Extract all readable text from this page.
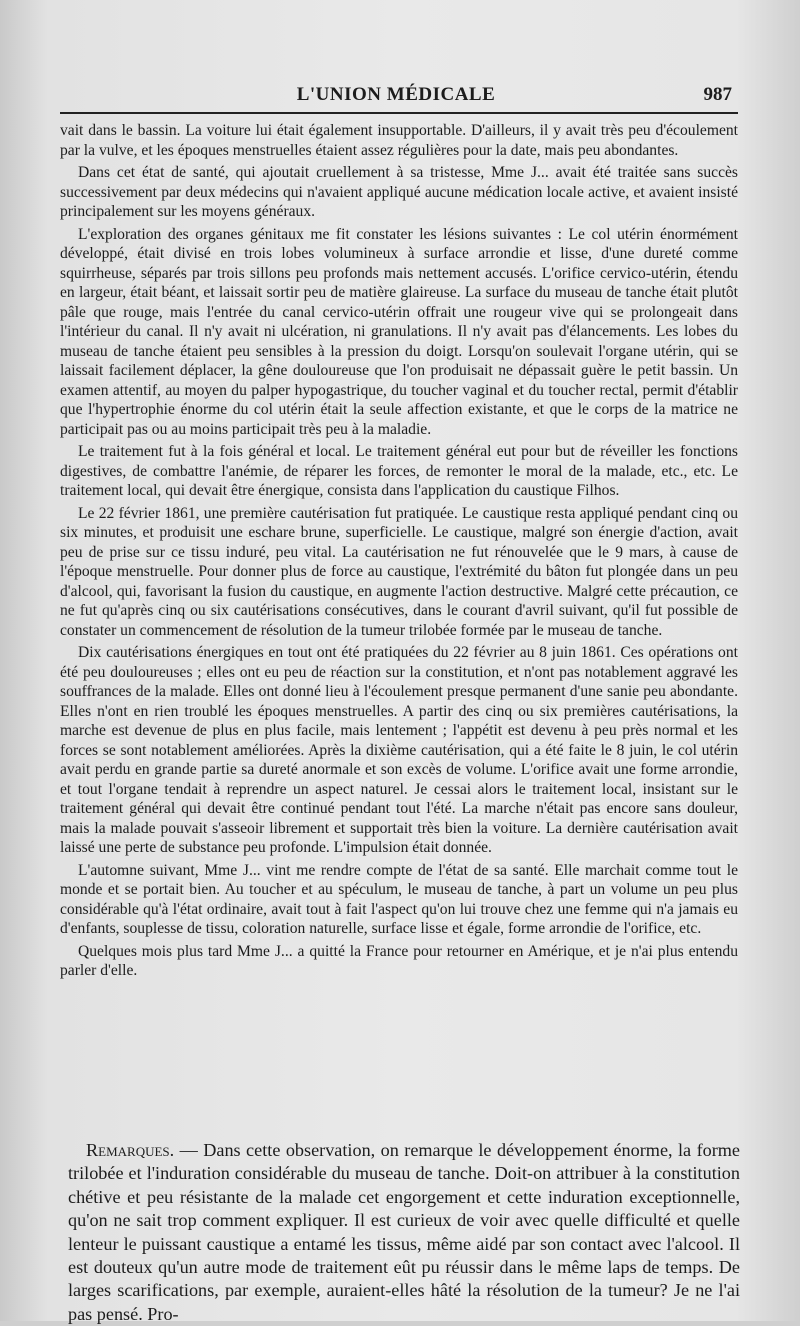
L'UNION MÉDICALE	987

vait dans le bassin. La voiture lui était également insupportable. D'ailleurs, il y avait très peu d'écoulement par la vulve, et les époques menstruelles étaient assez régulières pour la date, mais peu abondantes.

Dans cet état de santé, qui ajoutait cruellement à sa tristesse, Mme J... avait été traitée sans succès successivement par deux médecins qui n'avaient appliqué aucune médication locale active, et avaient insisté principalement sur les moyens généraux.

L'exploration des organes génitaux me fit constater les lésions suivantes : Le col utérin énormément développé, était divisé en trois lobes volumineux à surface arrondie et lisse, d'une dureté comme squirrheuse, séparés par trois sillons peu profonds mais nettement accusés. L'orifice cervico-utérin, étendu en largeur, était béant, et laissait sortir peu de matière glaireuse. La surface du museau de tanche était plutôt pâle que rouge, mais l'entrée du canal cervico-utérin offrait une rougeur vive qui se prolongeait dans l'intérieur du canal. Il n'y avait ni ulcération, ni granulations. Il n'y avait pas d'élancements. Les lobes du museau de tanche étaient peu sensibles à la pression du doigt. Lorsqu'on soulevait l'organe utérin, qui se laissait facilement déplacer, la gêne douloureuse que l'on produisait ne dépassait guère le petit bassin. Un examen attentif, au moyen du palper hypogastrique, du toucher vaginal et du toucher rectal, permit d'établir que l'hypertrophie énorme du col utérin était la seule affection existante, et que le corps de la matrice ne participait pas ou au moins participait très peu à la maladie.

Le traitement fut à la fois général et local. Le traitement général eut pour but de réveiller les fonctions digestives, de combattre l'anémie, de réparer les forces, de remonter le moral de la malade, etc., etc. Le traitement local, qui devait être énergique, consista dans l'application du caustique Filhos.

Le 22 février 1861, une première cautérisation fut pratiquée. Le caustique resta appliqué pendant cinq ou six minutes, et produisit une eschare brune, superficielle. Le caustique, malgré son énergie d'action, avait peu de prise sur ce tissu induré, peu vital. La cautérisation ne fut rénouvelée que le 9 mars, à cause de l'époque menstruelle. Pour donner plus de force au caustique, l'extrémité du bâton fut plongée dans un peu d'alcool, qui, favorisant la fusion du caustique, en augmente l'action destructive. Malgré cette précaution, ce ne fut qu'après cinq ou six cautérisations consécutives, dans le courant d'avril suivant, qu'il fut possible de constater un commencement de résolution de la tumeur trilobée formée par le museau de tanche.

Dix cautérisations énergiques en tout ont été pratiquées du 22 février au 8 juin 1861. Ces opérations ont été peu douloureuses ; elles ont eu peu de réaction sur la constitution, et n'ont pas notablement aggravé les souffrances de la malade. Elles ont donné lieu à l'écoulement presque permanent d'une sanie peu abondante. Elles n'ont en rien troublé les époques menstruelles. A partir des cinq ou six premières cautérisations, la marche est devenue de plus en plus facile, mais lentement ; l'appétit est devenu à peu près normal et les forces se sont notablement améliorées. Après la dixième cautérisation, qui a été faite le 8 juin, le col utérin avait perdu en grande partie sa dureté anormale et son excès de volume. L'orifice avait une forme arrondie, et tout l'organe tendait à reprendre un aspect naturel. Je cessai alors le traitement local, insistant sur le traitement général qui devait être continué pendant tout l'été. La marche n'était pas encore sans douleur, mais la malade pouvait s'asseoir librement et supportait très bien la voiture. La dernière cautérisation avait laissé une perte de substance peu profonde. L'impulsion était donnée.

L'automne suivant, Mme J... vint me rendre compte de l'état de sa santé. Elle marchait comme tout le monde et se portait bien. Au toucher et au spéculum, le museau de tanche, à part un volume un peu plus considérable qu'à l'état ordinaire, avait tout à fait l'aspect qu'on lui trouve chez une femme qui n'a jamais eu d'enfants, souplesse de tissu, coloration naturelle, surface lisse et égale, forme arrondie de l'orifice, etc.

Quelques mois plus tard Mme J... a quitté la France pour retourner en Amérique, et je n'ai plus entendu parler d'elle.

Remarques. — Dans cette observation, on remarque le développement énorme, la forme trilobée et l'induration considérable du museau de tanche. Doit-on attribuer à la constitution chétive et peu résistante de la malade cet engorgement et cette induration exceptionnelle, qu'on ne sait trop comment expliquer. Il est curieux de voir avec quelle difficulté et quelle lenteur le puissant caustique a entamé les tissus, même aidé par son contact avec l'alcool. Il est douteux qu'un autre mode de traitement eût pu réussir dans le même laps de temps. De larges scarifications, par exemple, auraient-elles hâté la résolution de la tumeur? Je ne l'ai pas pensé. Pro-
